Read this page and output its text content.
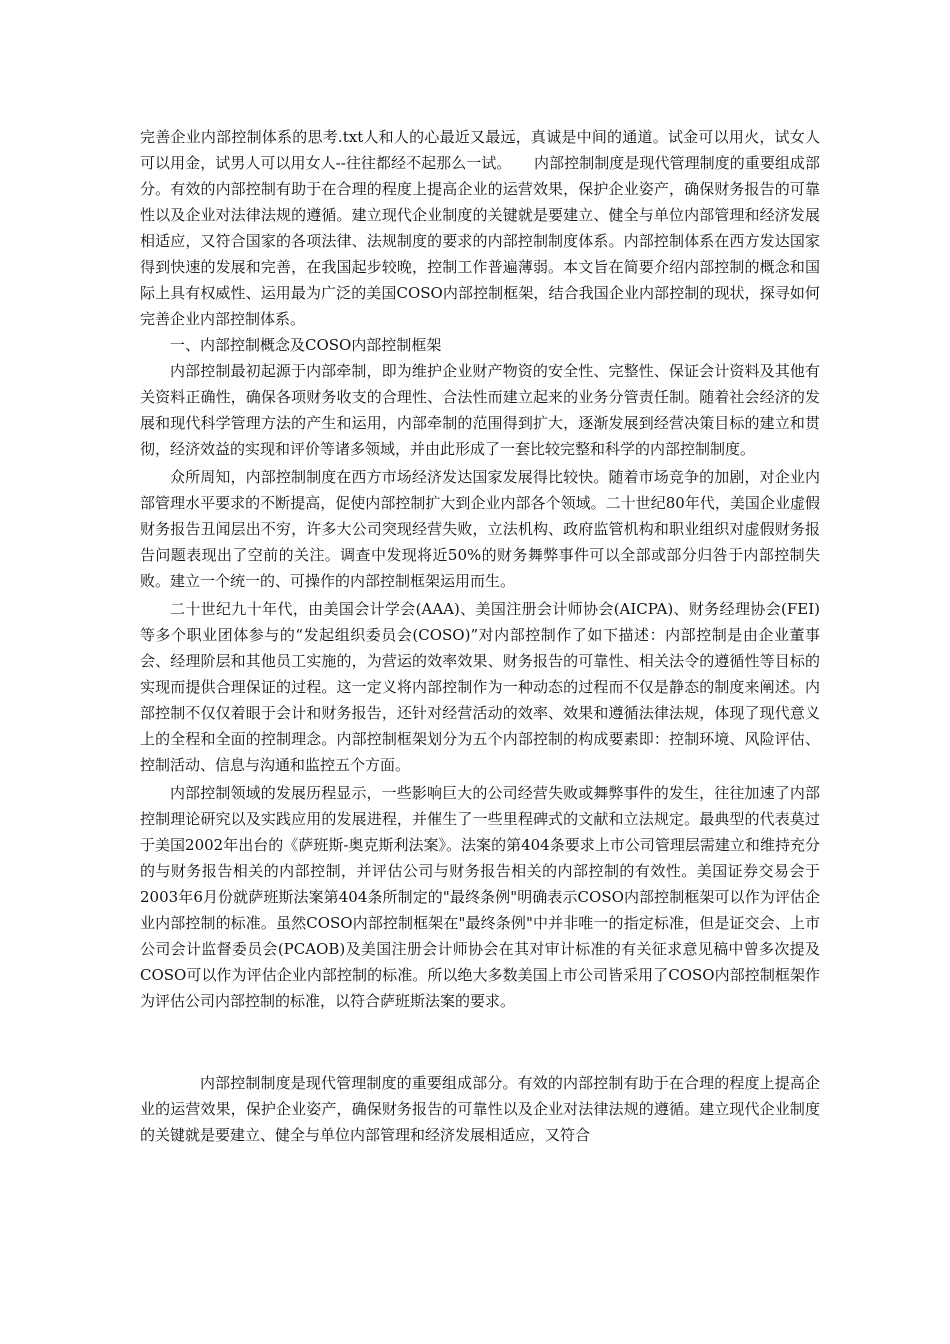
完善企业内部控制体系的思考.txt人和人的心最近又最远，真诚是中间的通道。试金可以用火，试女人可以用金，试男人可以用女人--往往都经不起那么一试。　　内部控制制度是现代管理制度的重要组成部分。有效的内部控制有助于在合理的程度上提高企业的运营效果，保护企业姿产，确保财务报告的可靠性以及企业对法律法规的遵循。建立现代企业制度的关键就是要建立、健全与单位内部管理和经济发展相适应，又符合国家的各项法律、法规制度的要求的内部控制制度体系。内部控制体系在西方发达国家得到快速的发展和完善，在我国起步较晚，控制工作普遍薄弱。本文旨在简要介绍内部控制的概念和国际上具有权威性、运用最为广泛的美国COSO内部控制框架，结合我国企业内部控制的现状，探寻如何完善企业内部控制体系。

一、内部控制概念及COSO内部控制框架

内部控制最初起源于内部牵制，即为维护企业财产物资的安全性、完整性、保证会计资料及其他有关资料正确性，确保各项财务收支的合理性、合法性而建立起来的业务分管责任制。随着社会经济的发展和现代科学管理方法的产生和运用，内部牵制的范围得到扩大，逐渐发展到经营决策目标的建立和贯彻，经济效益的实现和评价等诸多领域，并由此形成了一套比较完整和科学的内部控制制度。

众所周知，内部控制制度在西方市场经济发达国家发展得比较快。随着市场竞争的加剧，对企业内部管理水平要求的不断提高，促使内部控制扩大到企业内部各个领域。二十世纪80年代，美国企业虚假财务报告丑闻层出不穷，许多大公司突现经营失败，立法机构、政府监管机构和职业组织对虚假财务报告问题表现出了空前的关注。调查中发现将近50%的财务舞弊事件可以全部或部分归咎于内部控制失败。建立一个统一的、可操作的内部控制框架运用而生。

二十世纪九十年代，由美国会计学会(AAA)、美国注册会计师协会(AICPA)、财务经理协会(FEI)等多个职业团体参与的“发起组织委员会(COSO)”对内部控制作了如下描述：内部控制是由企业董事会、经理阶层和其他员工实施的，为营运的效率效果、财务报告的可靠性、相关法令的遵循性等目标的实现而提供合理保证的过程。这一定义将内部控制作为一种动态的过程而不仅是静态的制度来阐述。内部控制不仅仅着眼于会计和财务报告，还针对经营活动的效率、效果和遵循法律法规，体现了现代意义上的全程和全面的控制理念。内部控制框架划分为五个内部控制的构成要素即：控制环境、风险评估、控制活动、信息与沟通和监控五个方面。

内部控制领域的发展历程显示，一些影响巨大的公司经营失败或舞弊事件的发生，往往加速了内部控制理论研究以及实践应用的发展进程，并催生了一些里程碑式的文献和立法规定。最典型的代表莫过于美国2002年出台的《萨班斯-奥克斯利法案》。法案的第404条要求上市公司管理层需建立和维持充分的与财务报告相关的内部控制，并评估公司与财务报告相关的内部控制的有效性。美国证券交易会于2003年6月份就萨班斯法案第404条所制定的"最终条例"明确表示COSO内部控制框架可以作为评估企业内部控制的标准。虽然COSO内部控制框架在"最终条例"中并非唯一的指定标准，但是证交会、上市公司会计监督委员会(PCAOB)及美国注册会计师协会在其对审计标准的有关征求意见稿中曾多次提及COSO可以作为评估企业内部控制的标准。所以绝大多数美国上市公司皆采用了COSO内部控制框架作为评估公司内部控制的标准，以符合萨班斯法案的要求。

内部控制制度是现代管理制度的重要组成部分。有效的内部控制有助于在合理的程度上提高企业的运营效果，保护企业姿产，确保财务报告的可靠性以及企业对法律法规的遵循。建立现代企业制度的关键就是要建立、健全与单位内部管理和经济发展相适应，又符合
